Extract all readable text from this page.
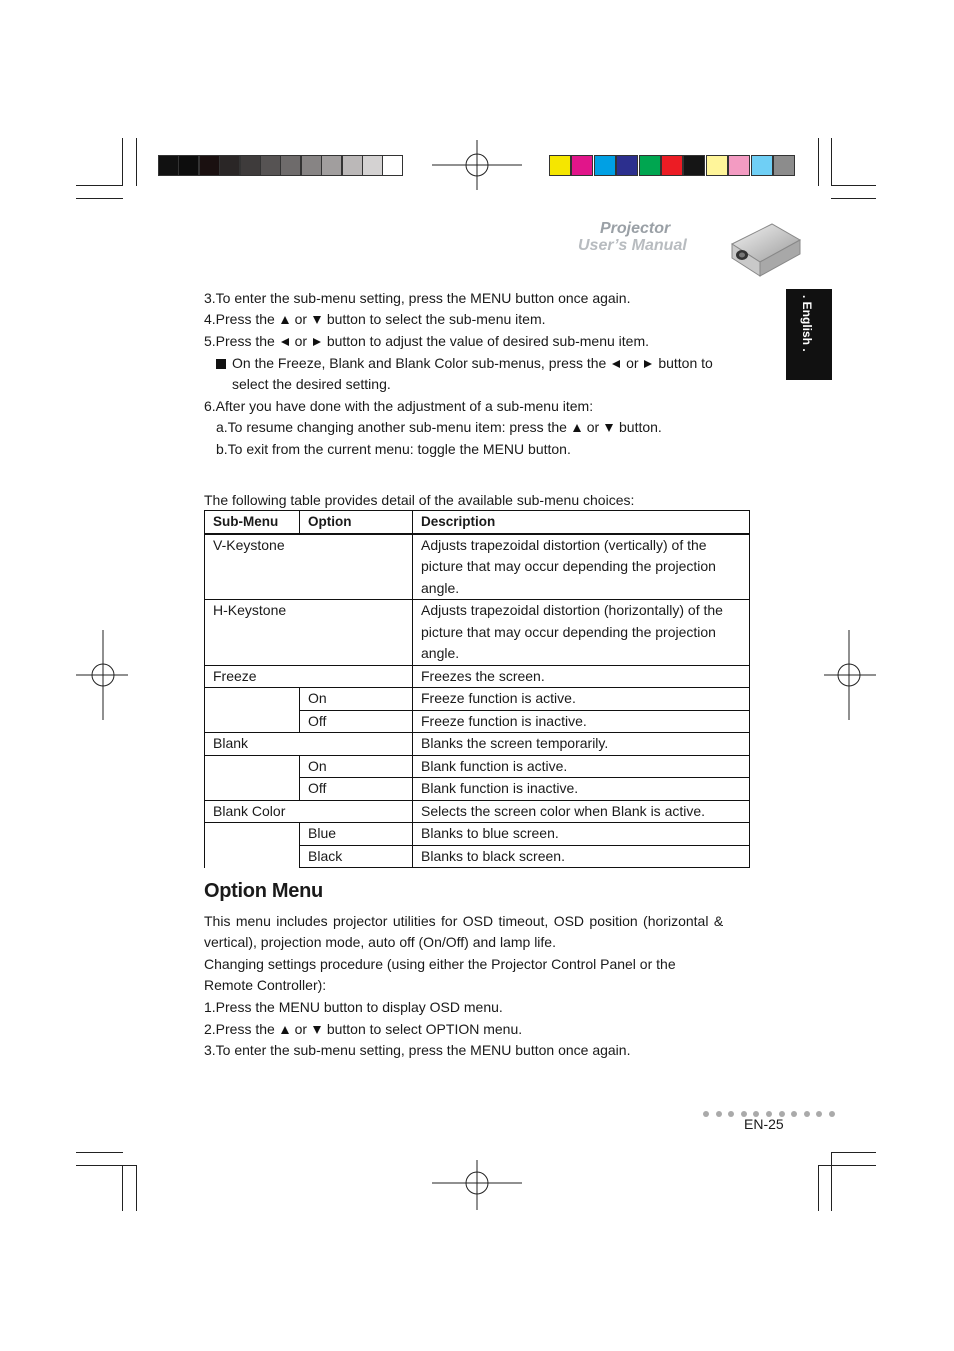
Projector
User’s Manual
. English .
3.To enter the sub-menu setting, press the MENU button once again.
4.Press the  or  button to select the sub-menu item.
5.Press the  or  button to adjust the value of desired sub-menu item.
On the Freeze, Blank and Blank Color sub-menus, press the  or  button to
select the desired setting.
6.After you have done with the adjustment of a sub-menu item:
a.To resume changing another sub-menu item: press the  or  button.
b.To exit from the current menu: toggle the MENU button.
The following table provides detail of the available sub-menu choices:
Sub-Menu	Option	Description
V-Keystone		Adjusts trapezoidal distortion (vertically) of the picture that may occur depending the projection angle.
H-Keystone		Adjusts trapezoidal distortion (horizontally) of the picture that may occur depending the projection angle.
Freeze		Freezes the screen.
	On	Freeze function is active.
	Off	Freeze function is inactive.
Blank		Blanks the screen temporarily.
	On	Blank function is active.
	Off	Blank function is inactive.
Blank Color		Selects the screen color when Blank is active.
	Blue	Blanks to blue screen.
	Black	Blanks to black screen.
Option Menu
This menu includes projector utilities for OSD timeout, OSD position (horizontal &
vertical), projection mode, auto off (On/Off) and lamp life.
Changing settings procedure (using either the Projector Control Panel or the
Remote Controller):
1.Press the MENU button to display OSD menu.
2.Press the  or  button to select OPTION menu.
3.To enter the sub-menu setting, press the MENU button once again.
EN-25
